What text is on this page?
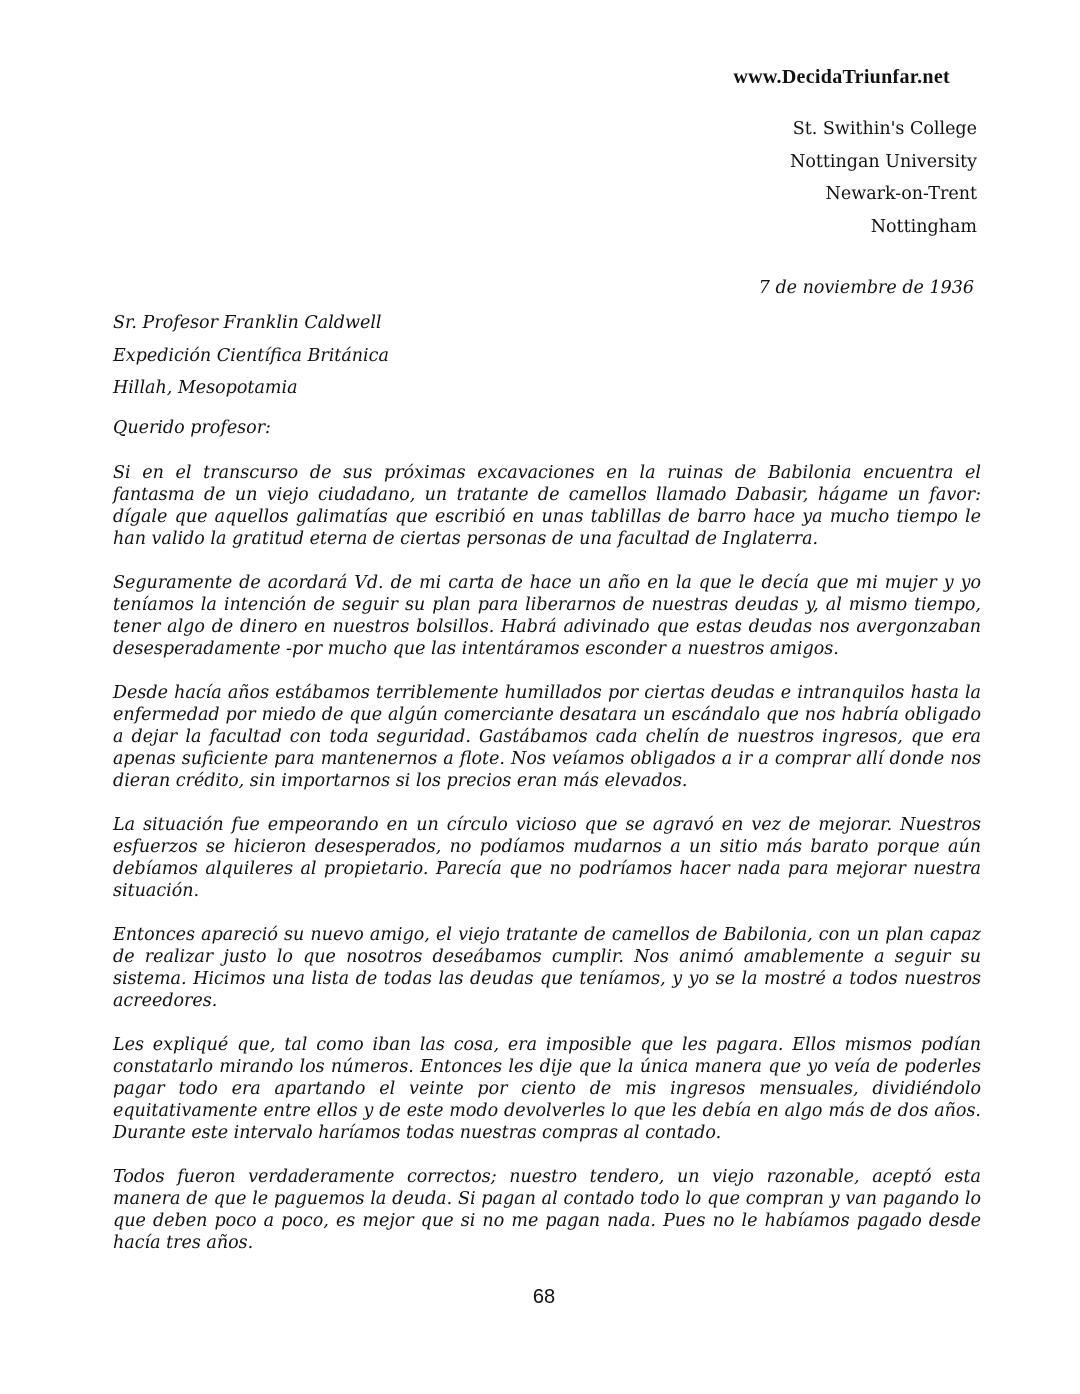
www.DecidaTriunfar.net
St. Swithin's College
Nottingan University
Newark-on-Trent
Nottingham
7 de noviembre de 1936
Sr. Profesor Franklin Caldwell
Expedición Científica Británica
Hillah, Mesopotamia
Querido profesor:

Si en el transcurso de sus próximas excavaciones en la ruinas de Babilonia encuentra el fantasma de un viejo ciudadano, un tratante de camellos llamado Dabasir, hágame un favor: dígale que aquellos galimatías que escribió en unas tablillas de barro hace ya mucho tiempo le han valido la gratitud eterna de ciertas personas de una facultad de Inglaterra.

Seguramente de acordará Vd. de mi carta de hace un año en la que le decía que mi mujer y yo teníamos la intención de seguir su plan para liberarnos de nuestras deudas y, al mismo tiempo, tener algo de dinero en nuestros bolsillos. Habrá adivinado que estas deudas nos avergonzaban desesperadamente -por mucho que las intentáramos esconder a nuestros amigos.

Desde hacía años estábamos terriblemente humillados por ciertas deudas e intranquilos hasta la enfermedad por miedo de que algún comerciante desatara un escándalo que nos habría obligado a dejar la facultad con toda seguridad. Gastábamos cada chelín de nuestros ingresos, que era apenas suficiente para mantenernos a flote. Nos veíamos obligados a ir a comprar allí donde nos dieran crédito, sin importarnos si los precios eran más elevados.

La situación fue empeorando en un círculo vicioso que se agravó en vez de mejorar. Nuestros esfuerzos se hicieron desesperados, no podíamos mudarnos a un sitio más barato porque aún debíamos alquileres al propietario. Parecía que no podríamos hacer nada para mejorar nuestra situación.

Entonces apareció su nuevo amigo, el viejo tratante de camellos de Babilonia, con un plan capaz de realizar justo lo que nosotros deseábamos cumplir. Nos animó amablemente a seguir su sistema. Hicimos una lista de todas las deudas que teníamos, y yo se la mostré a todos nuestros acreedores.

Les expliqué que, tal como iban las cosa, era imposible que les pagara. Ellos mismos podían constatarlo mirando los números. Entonces les dije que la única manera que yo veía de poderles pagar todo era apartando el veinte por ciento de mis ingresos mensuales, dividiéndolo equitativamente entre ellos y de este modo devolverles lo que les debía en algo más de dos años. Durante este intervalo haríamos todas nuestras compras al contado.

Todos fueron verdaderamente correctos; nuestro tendero, un viejo razonable, aceptó esta manera de que le paguemos la deuda. Si pagan al contado todo lo que compran y van pagando lo que deben poco a poco, es mejor que si no me pagan nada. Pues no le habíamos pagado desde hacía tres años.

68
